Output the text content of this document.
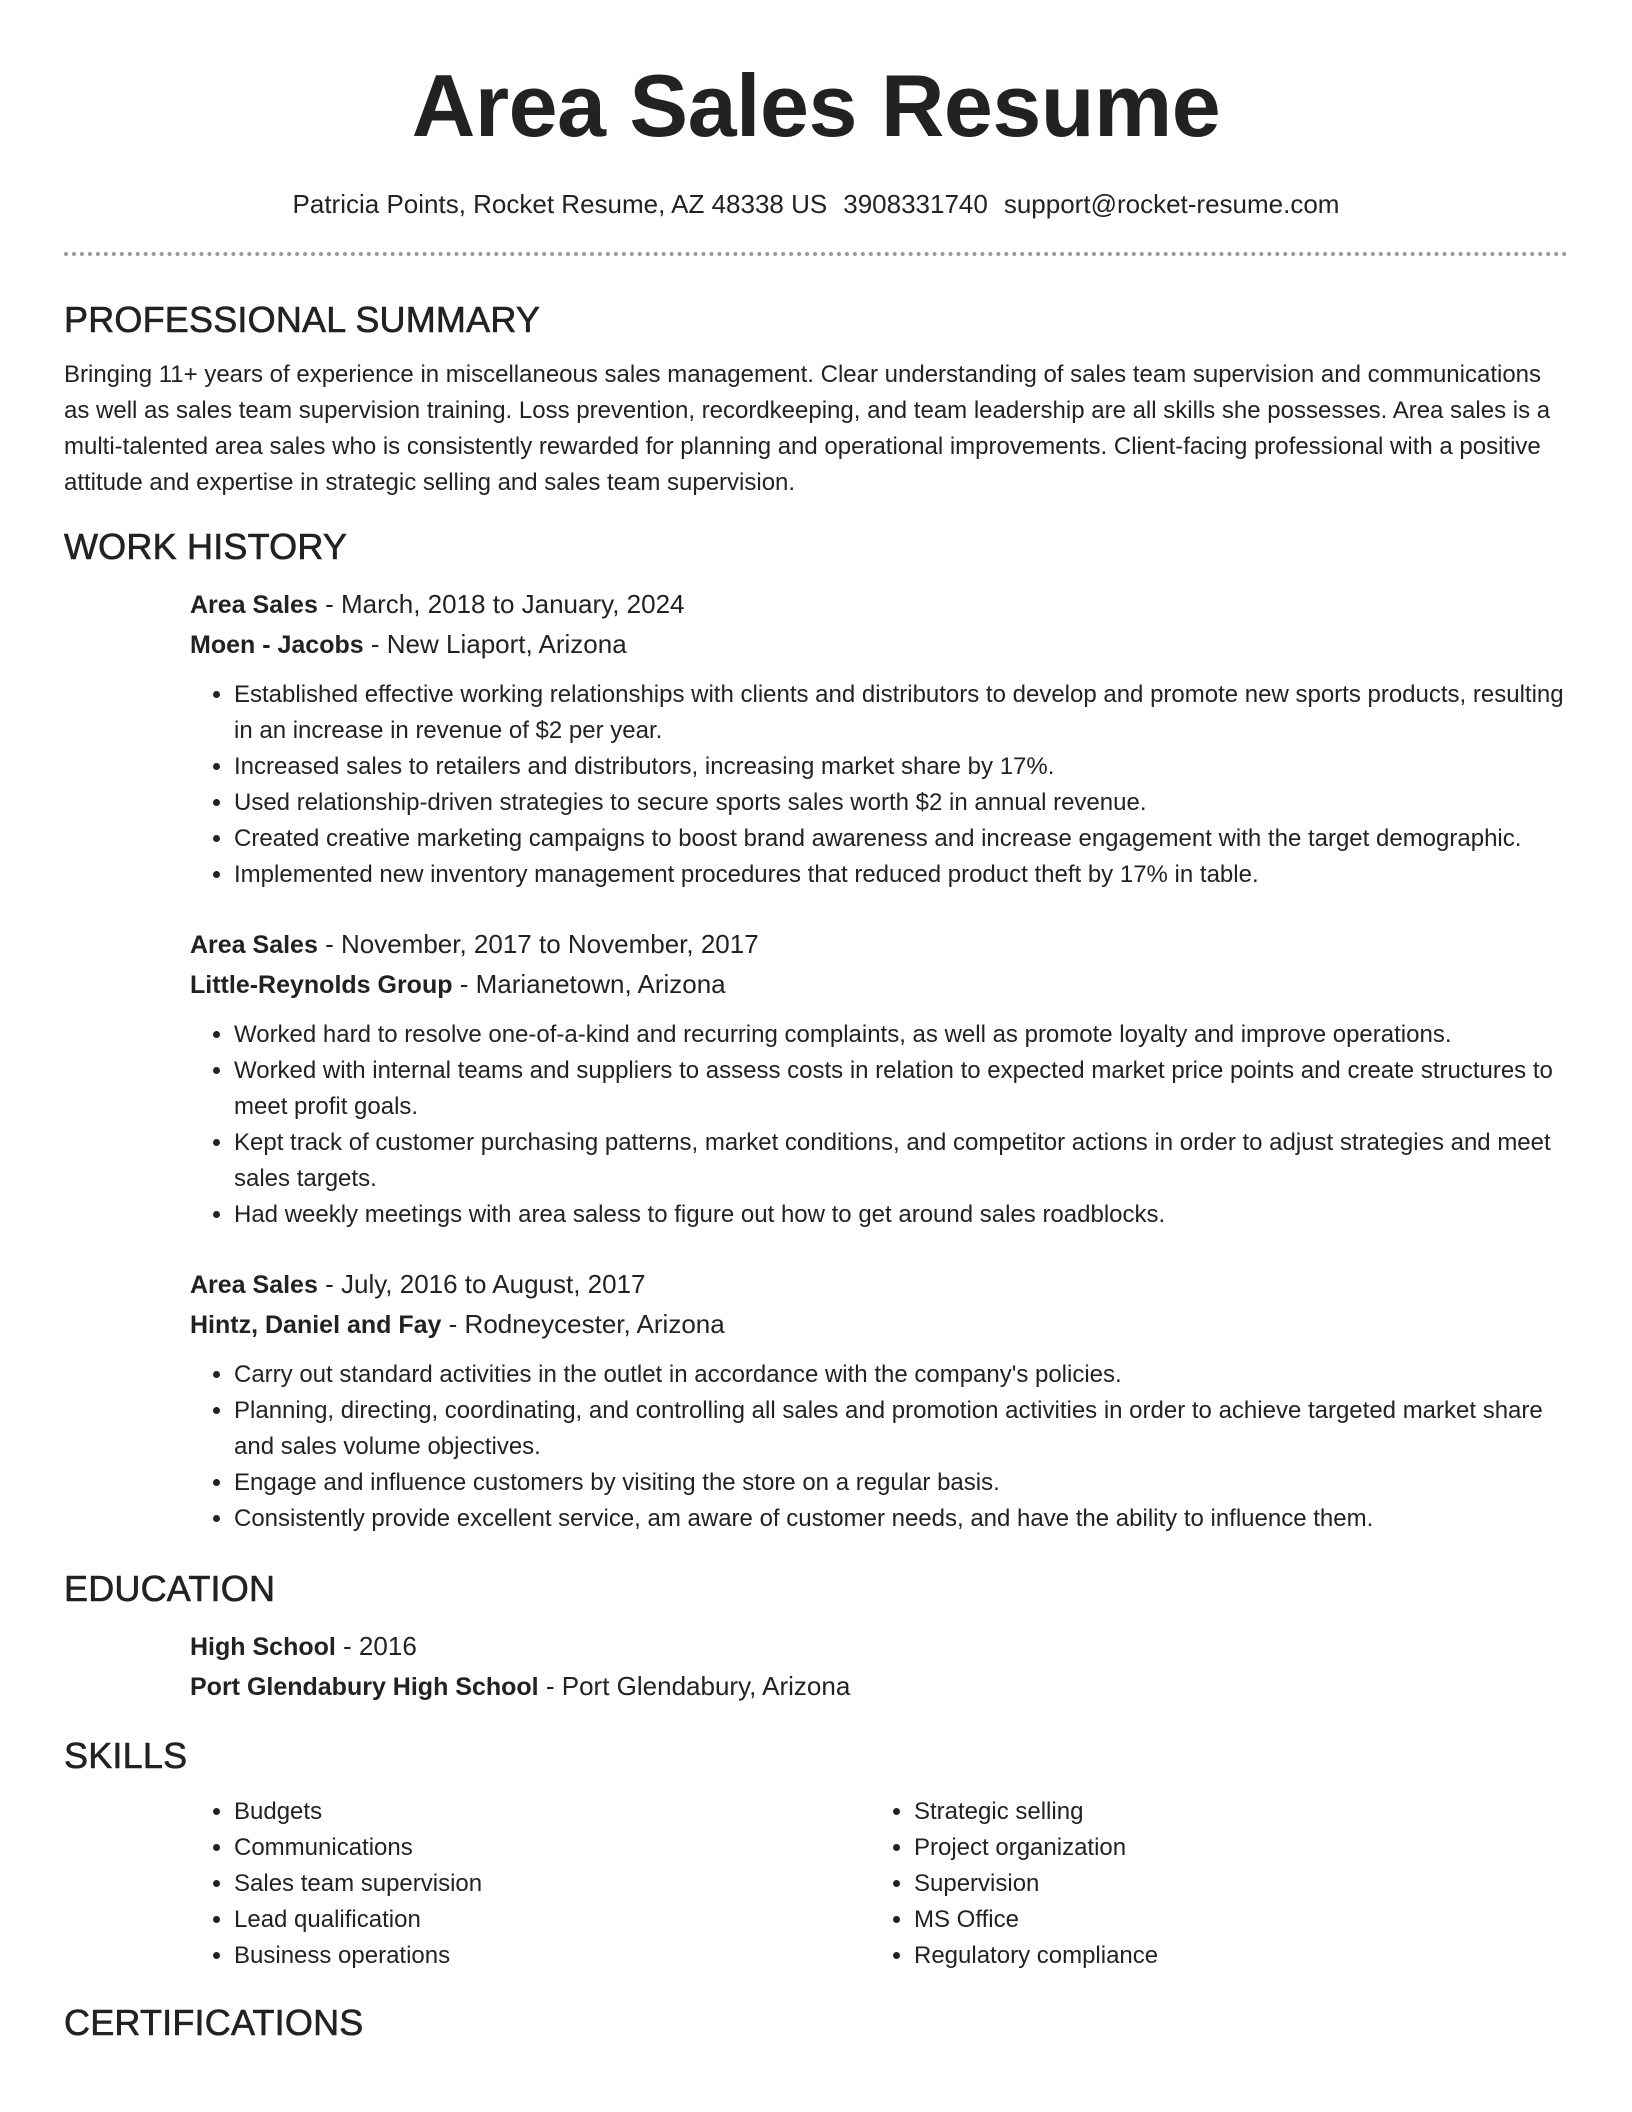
Area Sales Resume
Patricia Points, Rocket Resume, AZ 48338 US 3908331740 support@rocket-resume.com
PROFESSIONAL SUMMARY

Bringing 11+ years of experience in miscellaneous sales management. Clear understanding of sales team supervision and communications as well as sales team supervision training. Loss prevention, recordkeeping, and team leadership are all skills she possesses. Area sales is a multi-talented area sales who is consistently rewarded for planning and operational improvements. Client-facing professional with a positive attitude and expertise in strategic selling and sales team supervision.

WORK HISTORY

Area Sales - March, 2018 to January, 2024

Moen - Jacobs - New Liaport, Arizona

• Established effective working relationships with clients and distributors to develop and promote new sports products, resulting in an increase in revenue of $2 per year.
• Increased sales to retailers and distributors, increasing market share by 17%.
• Used relationship-driven strategies to secure sports sales worth $2 in annual revenue.
• Created creative marketing campaigns to boost brand awareness and increase engagement with the target demographic.
• Implemented new inventory management procedures that reduced product theft by 17% in table.

Area Sales - November, 2017 to November, 2017

Little-Reynolds Group - Marianetown, Arizona

• Worked hard to resolve one-of-a-kind and recurring complaints, as well as promote loyalty and improve operations.
• Worked with internal teams and suppliers to assess costs in relation to expected market price points and create structures to meet profit goals.
• Kept track of customer purchasing patterns, market conditions, and competitor actions in order to adjust strategies and meet sales targets.
• Had weekly meetings with area saless to figure out how to get around sales roadblocks.

Area Sales - July, 2016 to August, 2017

Hintz, Daniel and Fay - Rodneycester, Arizona

• Carry out standard activities in the outlet in accordance with the company's policies.
• Planning, directing, coordinating, and controlling all sales and promotion activities in order to achieve targeted market share and sales volume objectives.
• Engage and influence customers by visiting the store on a regular basis.
• Consistently provide excellent service, am aware of customer needs, and have the ability to influence them.
EDUCATION

High School - 2016

Port Glendabury High School - Port Glendabury, Arizona

SKILLS
• Budgets
• Communications
• Sales team supervision
• Lead qualification
• Business operations
• Strategic selling
• Project organization
• Supervision
• MS Office
• Regulatory compliance
CERTIFICATIONS
